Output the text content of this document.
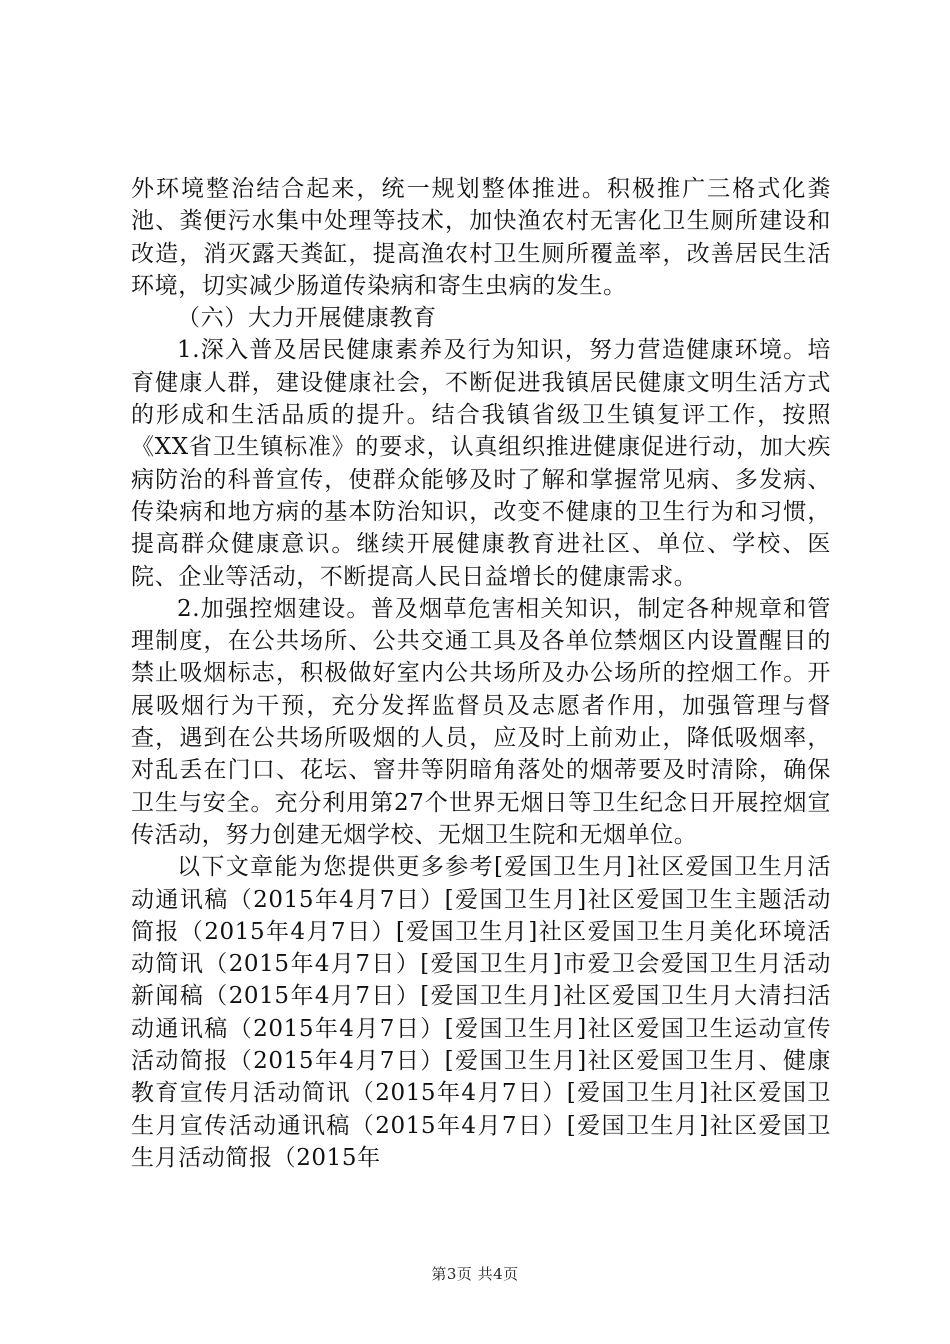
外环境整治结合起来，统一规划整体推进。积极推广三格式化粪池、粪便污水集中处理等技术，加快渔农村无害化卫生厕所建设和改造，消灭露天粪缸，提高渔农村卫生厕所覆盖率，改善居民生活环境，切实减少肠道传染病和寄生虫病的发生。

（六）大力开展健康教育

1.深入普及居民健康素养及行为知识，努力营造健康环境。培育健康人群，建设健康社会，不断促进我镇居民健康文明生活方式的形成和生活品质的提升。结合我镇省级卫生镇复评工作，按照《XX省卫生镇标准》的要求，认真组织推进健康促进行动，加大疾病防治的科普宣传，使群众能够及时了解和掌握常见病、多发病、传染病和地方病的基本防治知识，改变不健康的卫生行为和习惯，提高群众健康意识。继续开展健康教育进社区、单位、学校、医院、企业等活动，不断提高人民日益增长的健康需求。

2.加强控烟建设。普及烟草危害相关知识，制定各种规章和管理制度，在公共场所、公共交通工具及各单位禁烟区内设置醒目的禁止吸烟标志，积极做好室内公共场所及办公场所的控烟工作。开展吸烟行为干预，充分发挥监督员及志愿者作用，加强管理与督查，遇到在公共场所吸烟的人员，应及时上前劝止，降低吸烟率，对乱丢在门口、花坛、窨井等阴暗角落处的烟蒂要及时清除，确保卫生与安全。充分利用第27个世界无烟日等卫生纪念日开展控烟宣传活动，努力创建无烟学校、无烟卫生院和无烟单位。

以下文章能为您提供更多参考[爱国卫生月]社区爱国卫生月活动通讯稿（2015年4月7日）[爱国卫生月]社区爱国卫生主题活动简报（2015年4月7日）[爱国卫生月]社区爱国卫生月美化环境活动简讯（2015年4月7日）[爱国卫生月]市爱卫会爱国卫生月活动新闻稿（2015年4月7日）[爱国卫生月]社区爱国卫生月大清扫活动通讯稿（2015年4月7日）[爱国卫生月]社区爱国卫生运动宣传活动简报（2015年4月7日）[爱国卫生月]社区爱国卫生月、健康教育宣传月活动简讯（2015年4月7日）[爱国卫生月]社区爱国卫生月宣传活动通讯稿（2015年4月7日）[爱国卫生月]社区爱国卫生月活动简报（2015年

第3页 共4页
